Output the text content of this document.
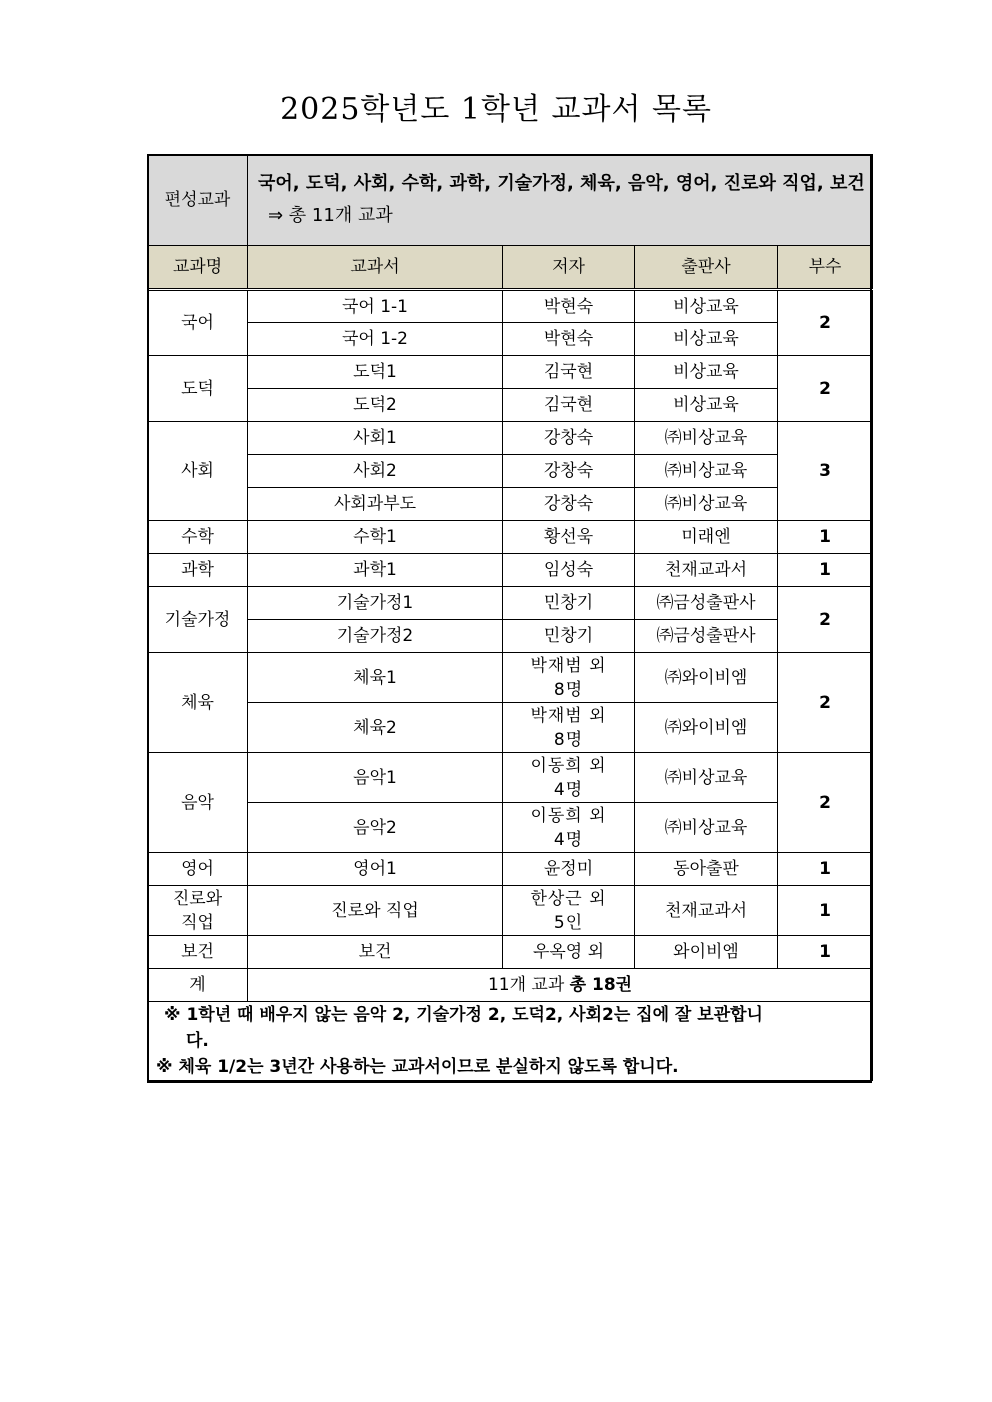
2025학년도 1학년 교과서 목록
편성교과	국어, 도덕, 사회, 수학, 과학, 기술가정, 체육, 음악, 영어, 진로와 직업, 보건
⇒ 총 11개 교과			

교과명	교과서	저자	출판사	부수
국어	국어 1-1	박현숙	비상교육	2
	국어 1-2	박현숙	비상교육	
도덕	도덕1	김국현	비상교육	2
	도덕2	김국현	비상교육	
사회	사회1	강창숙	㈜비상교육	3
	사회2	강창숙	㈜비상교육	
	사회과부도	강창숙	㈜비상교육	
수학	수학1	황선욱	미래엔	1
과학	과학1	임성숙	천재교과서	1
기술가정	기술가정1	민창기	㈜금성출판사	2
	기술가정2	민창기	㈜금성출판사	
체육	체육1	박재범 외 8명	㈜와이비엠	2
	체육2	박재범 외 8명	㈜와이비엠	
음악	음악1	이동희 외 4명	㈜비상교육	2
	음악2	이동희 외 4명	㈜비상교육	
영어	영어1	윤정미	동아출판	1
진로와 직업	진로와 직업	한상근 외 5인	천재교과서	1
보건	보건	우옥영 외	와이비엠	1
계	11개 교과 총 18권			

※ 1학년 때 배우지 않는 음악 2, 기술가정 2, 도덕2, 사회2는 집에 잘 보관합니다.
※ 체육 1/2는 3년간 사용하는 교과서이므로 분실하지 않도록 합니다.				
